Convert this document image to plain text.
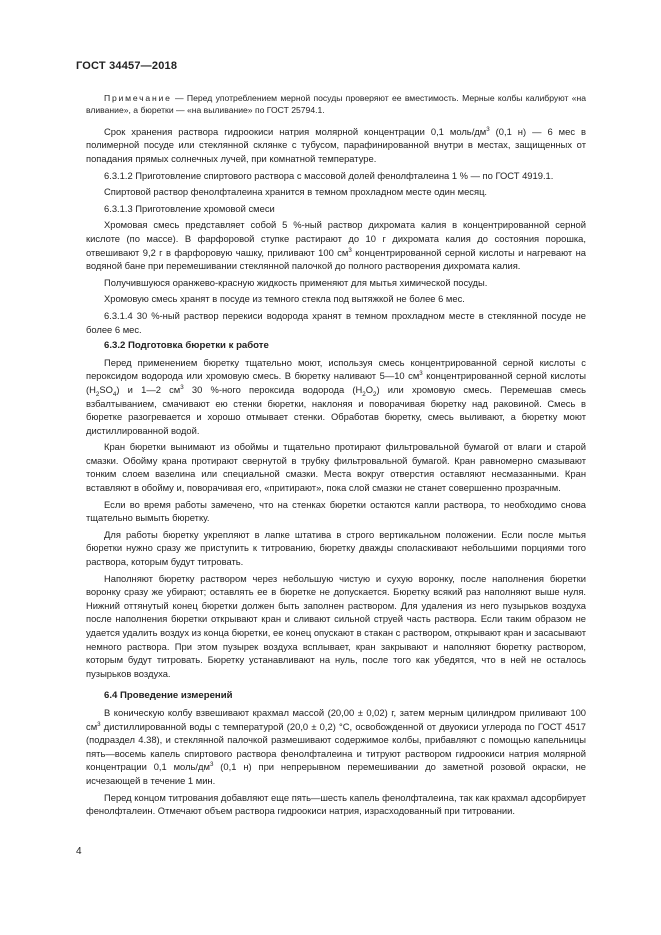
ГОСТ 34457—2018

Примечание — Перед употреблением мерной посуды проверяют ее вместимость. Мерные колбы калибруют «на вливание», а бюретки — «на выливание» по ГОСТ 25794.1.

Срок хранения раствора гидроокиси натрия молярной концентрации 0,1 моль/$дм^3$ (0,1 н) — 6 мес в полимерной посуде или стеклянной склянке с тубусом, парафинированной внутри в местах, защищенных от попадания прямых солнечных лучей, при комнатной температуре.

6.3.1.2 Приготовление спиртового раствора с массовой долей фенолфталеина 1 % — по ГОСТ 4919.1.

Спиртовой раствор фенолфталеина хранится в темном прохладном месте один месяц.

6.3.1.3 Приготовление хромовой смеси

Хромовая смесь представляет собой 5 %-ный раствор дихромата калия в концентрированной серной кислоте (по массе). В фарфоровой ступке растирают до 10 г дихромата калия до состояния порошка, отвешивают 9,2 г в фарфоровую чашку, приливают 100 $см^3$ концентрированной серной кислоты и нагревают на водяной бане при перемешивании стеклянной палочкой до полного растворения дихромата калия.

Получившуюся оранжево-красную жидкость применяют для мытья химической посуды.

Хромовую смесь хранят в посуде из темного стекла под вытяжкой не более 6 мес.

6.3.1.4 30 %-ный раствор перекиси водорода хранят в темном прохладном месте в стеклянной посуде не более 6 мес.

6.3.2 Подготовка бюретки к работе

Перед применением бюретку тщательно моют, используя смесь концентрированной серной кислоты с пероксидом водорода или хромовую смесь. В бюретку наливают 5—10 $см^3$ концентрированной серной кислоты $(H_2SO_4)$ и 1—2 $см^3$ 30 %-ного пероксида водорода $(H_2O_2)$ или хромовую смесь. Перемешав смесь взбалтыванием, смачивают ею стенки бюретки, наклоняя и поворачивая бюретку над раковиной. Смесь в бюретке разогревается и хорошо отмывает стенки. Обработав бюретку, смесь выливают, а бюретку моют дистиллированной водой.

Кран бюретки вынимают из обоймы и тщательно протирают фильтровальной бумагой от влаги и старой смазки. Обойму крана протирают свернутой в трубку фильтровальной бумагой. Кран равномерно смазывают тонким слоем вазелина или специальной смазки. Места вокруг отверстия оставляют несмазанными. Кран вставляют в обойму и, поворачивая его, «притирают», пока слой смазки не станет совершенно прозрачным.

Если во время работы замечено, что на стенках бюретки остаются капли раствора, то необходимо снова тщательно вымыть бюретку.

Для работы бюретку укрепляют в лапке штатива в строго вертикальном положении. Если после мытья бюретки нужно сразу же приступить к титрованию, бюретку дважды споласкивают небольшими порциями того раствора, которым будут титровать.

Наполняют бюретку раствором через небольшую чистую и сухую воронку, после наполнения бюретки воронку сразу же убирают; оставлять ее в бюретке не допускается. Бюретку всякий раз наполняют выше нуля. Нижний оттянутый конец бюретки должен быть заполнен раствором. Для удаления из него пузырьков воздуха после наполнения бюретки открывают кран и сливают сильной струей часть раствора. Если таким образом не удается удалить воздух из конца бюретки, ее конец опускают в стакан с раствором, открывают кран и засасывают немного раствора. При этом пузырек воздуха всплывает, кран закрывают и наполняют бюретку раствором, которым будут титровать. Бюретку устанавливают на нуль, после того как убедятся, что в ней не осталось пузырьков воздуха.

6.4 Проведение измерений

В коническую колбу взвешивают крахмал массой (20,00 ± 0,02) г, затем мерным цилиндром приливают 100 $см^3$ дистиллированной воды с температурой (20,0 ± 0,2) °С, освобожденной от двуокиси углерода по ГОСТ 4517 (подраздел 4.38), и стеклянной палочкой размешивают содержимое колбы, прибавляют с помощью капельницы пять—восемь капель спиртового раствора фенолфталеина и титруют раствором гидроокиси натрия молярной концентрации 0,1 моль/$дм^3$ (0,1 н) при непрерывном перемешивании до заметной розовой окраски, не исчезающей в течение 1 мин.

Перед концом титрования добавляют еще пять—шесть капель фенолфталеина, так как крахмал адсорбирует фенолфталеин. Отмечают объем раствора гидроокиси натрия, израсходованный при титровании.

4
